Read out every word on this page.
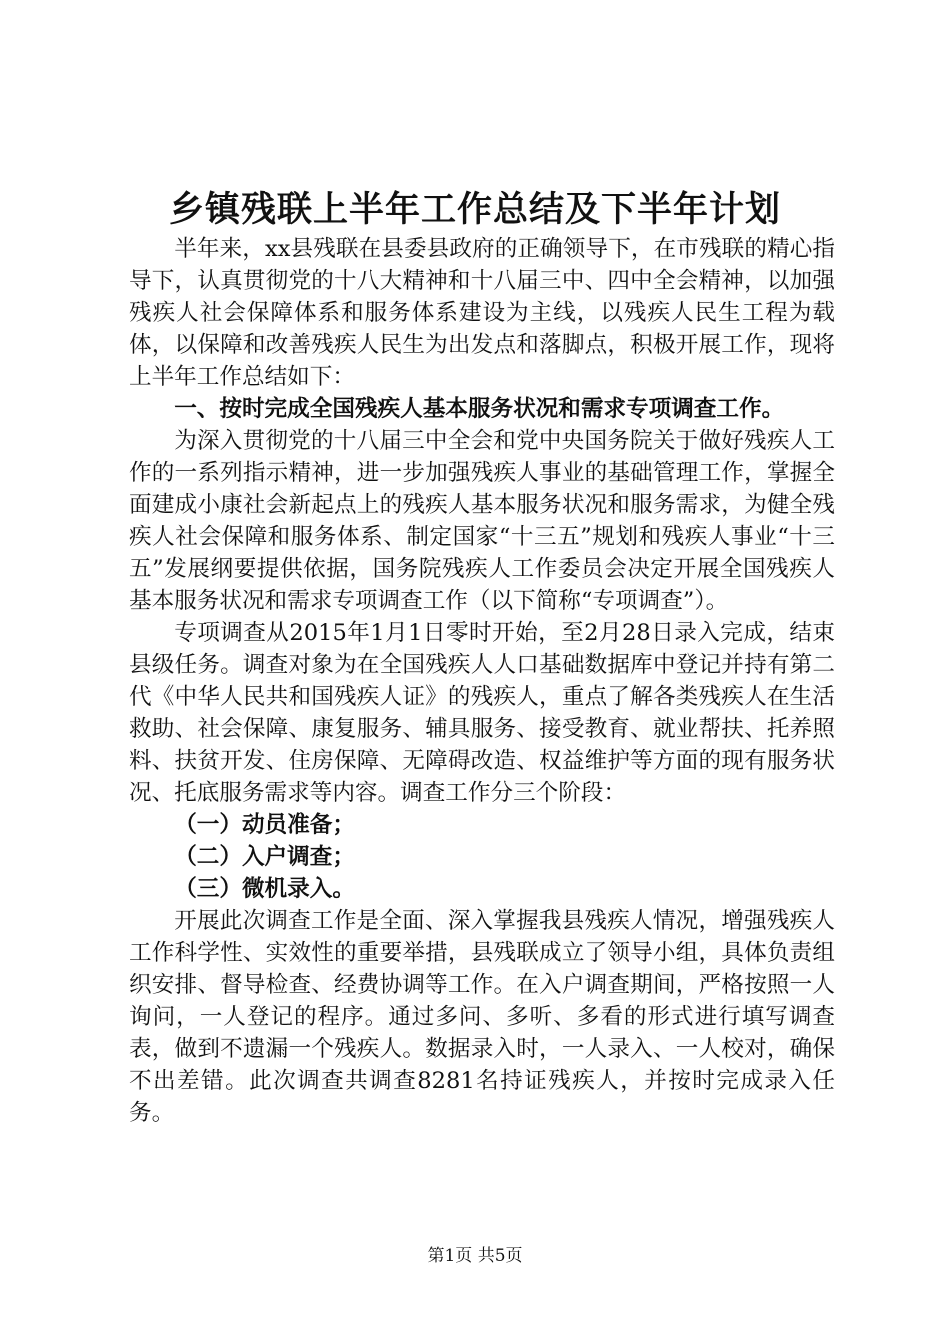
乡镇残联上半年工作总结及下半年计划

半年来，xx县残联在县委县政府的正确领导下，在市残联的精心指导下，认真贯彻党的十八大精神和十八届三中、四中全会精神，以加强残疾人社会保障体系和服务体系建设为主线，以残疾人民生工程为载体，以保障和改善残疾人民生为出发点和落脚点，积极开展工作，现将上半年工作总结如下：

一、按时完成全国残疾人基本服务状况和需求专项调查工作。

为深入贯彻党的十八届三中全会和党中央国务院关于做好残疾人工作的一系列指示精神，进一步加强残疾人事业的基础管理工作，掌握全面建成小康社会新起点上的残疾人基本服务状况和服务需求，为健全残疾人社会保障和服务体系、制定国家“十三五”规划和残疾人事业“十三五”发展纲要提供依据，国务院残疾人工作委员会决定开展全国残疾人基本服务状况和需求专项调查工作（以下简称“专项调查”）。

专项调查从2015年1月1日零时开始，至2月28日录入完成，结束县级任务。调查对象为在全国残疾人人口基础数据库中登记并持有第二代《中华人民共和国残疾人证》的残疾人，重点了解各类残疾人在生活救助、社会保障、康复服务、辅具服务、接受教育、就业帮扶、托养照料、扶贫开发、住房保障、无障碍改造、权益维护等方面的现有服务状况、托底服务需求等内容。调查工作分三个阶段：

（一）动员准备；

（二）入户调查；

（三）微机录入。

开展此次调查工作是全面、深入掌握我县残疾人情况，增强残疾人工作科学性、实效性的重要举措，县残联成立了领导小组，具体负责组织安排、督导检查、经费协调等工作。在入户调查期间，严格按照一人询问，一人登记的程序。通过多问、多听、多看的形式进行填写调查表，做到不遗漏一个残疾人。数据录入时，一人录入、一人校对，确保不出差错。此次调查共调查8281名持证残疾人，并按时完成录入任务。

第1页 共5页
